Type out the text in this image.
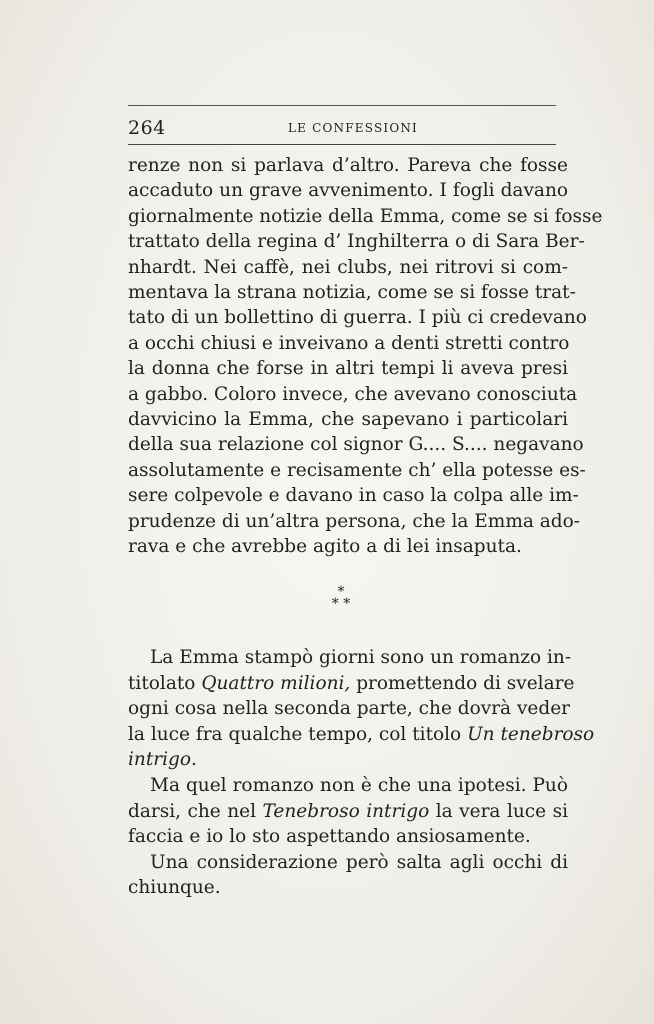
264	LE CONFESSIONI
renze non si parlava d’altro. Pareva che fosse
accaduto un grave avvenimento. I fogli davano
giornalmente notizie della Emma, come se si fosse
trattato della regina d’ Inghilterra o di Sara Ber-
nhardt. Nei caffè, nei clubs, nei ritrovi si com-
mentava la strana notizia, come se si fosse trat-
tato di un bollettino di guerra. I più ci credevano
a occhi chiusi e inveivano a denti stretti contro
la donna che forse in altri tempi li aveva presi
a gabbo. Coloro invece, che avevano conosciuta
davvicino la Emma, che sapevano i particolari
della sua relazione col signor G.... S.... negavano
assolutamente e recisamente ch’ ella potesse es-
sere colpevole e davano in caso la colpa alle im-
prudenze di un’altra persona, che la Emma ado-
rava e che avrebbe agito a di lei insaputa.
*
* *
La Emma stampò giorni sono un romanzo in-
titolato Quattro milioni, promettendo di svelare
ogni cosa nella seconda parte, che dovrà veder
la luce fra qualche tempo, col titolo Un tenebroso
intrigo.
Ma quel romanzo non è che una ipotesi. Può
darsi, che nel Tenebroso intrigo la vera luce si
faccia e io lo sto aspettando ansiosamente.
Una considerazione però salta agli occhi di
chiunque.
